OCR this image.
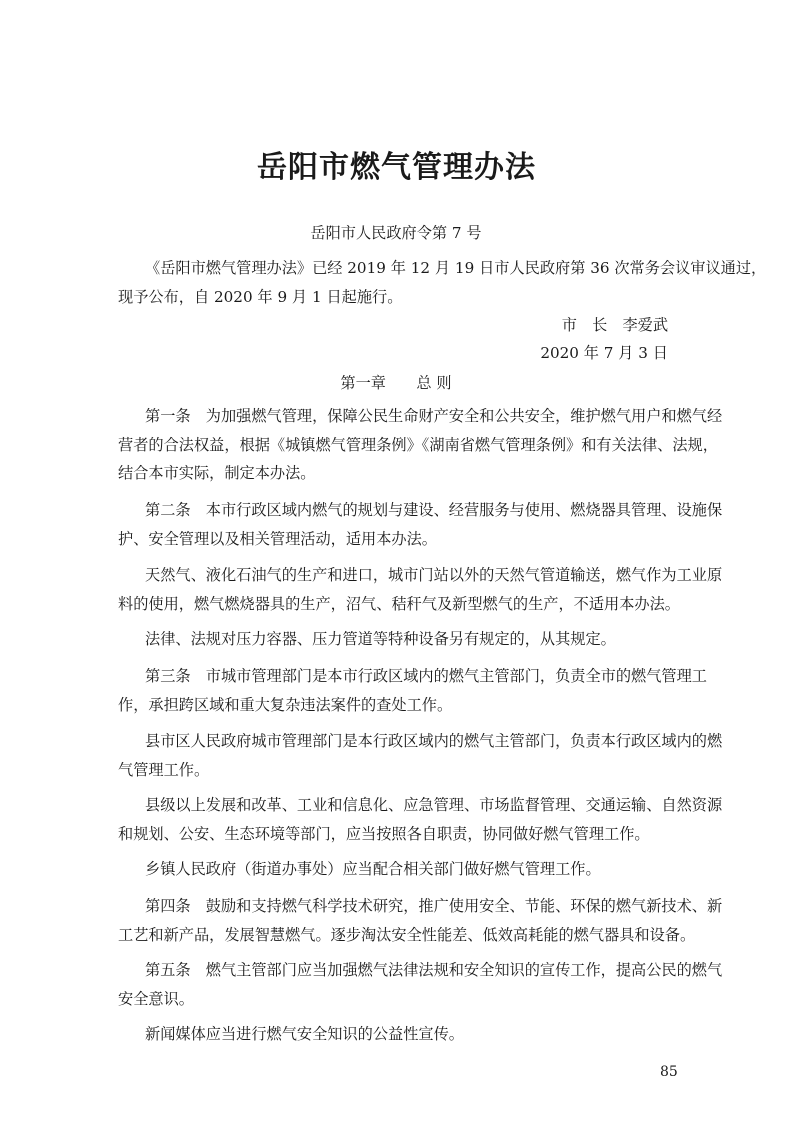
岳阳市燃气管理办法
岳阳市人民政府令第 7 号
《岳阳市燃气管理办法》已经 2019 年 12 月 19 日市人民政府第 36 次常务会议审议通过，
现予公布，自 2020 年 9 月 1 日起施行。
市　长　李爱武
2020 年 7 月 3 日
第一章　　总 则
第一条　为加强燃气管理，保障公民生命财产安全和公共安全，维护燃气用户和燃气经
营者的合法权益，根据《城镇燃气管理条例》《湖南省燃气管理条例》和有关法律、法规，
结合本市实际，制定本办法。
第二条　本市行政区域内燃气的规划与建设、经营服务与使用、燃烧器具管理、设施保
护、安全管理以及相关管理活动，适用本办法。
天然气、液化石油气的生产和进口，城市门站以外的天然气管道输送，燃气作为工业原
料的使用，燃气燃烧器具的生产，沼气、秸秆气及新型燃气的生产，不适用本办法。
法律、法规对压力容器、压力管道等特种设备另有规定的，从其规定。
第三条　市城市管理部门是本市行政区域内的燃气主管部门，负责全市的燃气管理工
作，承担跨区域和重大复杂违法案件的查处工作。
县市区人民政府城市管理部门是本行政区域内的燃气主管部门，负责本行政区域内的燃
气管理工作。
县级以上发展和改革、工业和信息化、应急管理、市场监督管理、交通运输、自然资源
和规划、公安、生态环境等部门，应当按照各自职责，协同做好燃气管理工作。
乡镇人民政府（街道办事处）应当配合相关部门做好燃气管理工作。
第四条　鼓励和支持燃气科学技术研究，推广使用安全、节能、环保的燃气新技术、新
工艺和新产品，发展智慧燃气。逐步淘汰安全性能差、低效高耗能的燃气器具和设备。
第五条　燃气主管部门应当加强燃气法律法规和安全知识的宣传工作，提高公民的燃气
安全意识。
新闻媒体应当进行燃气安全知识的公益性宣传。
85
